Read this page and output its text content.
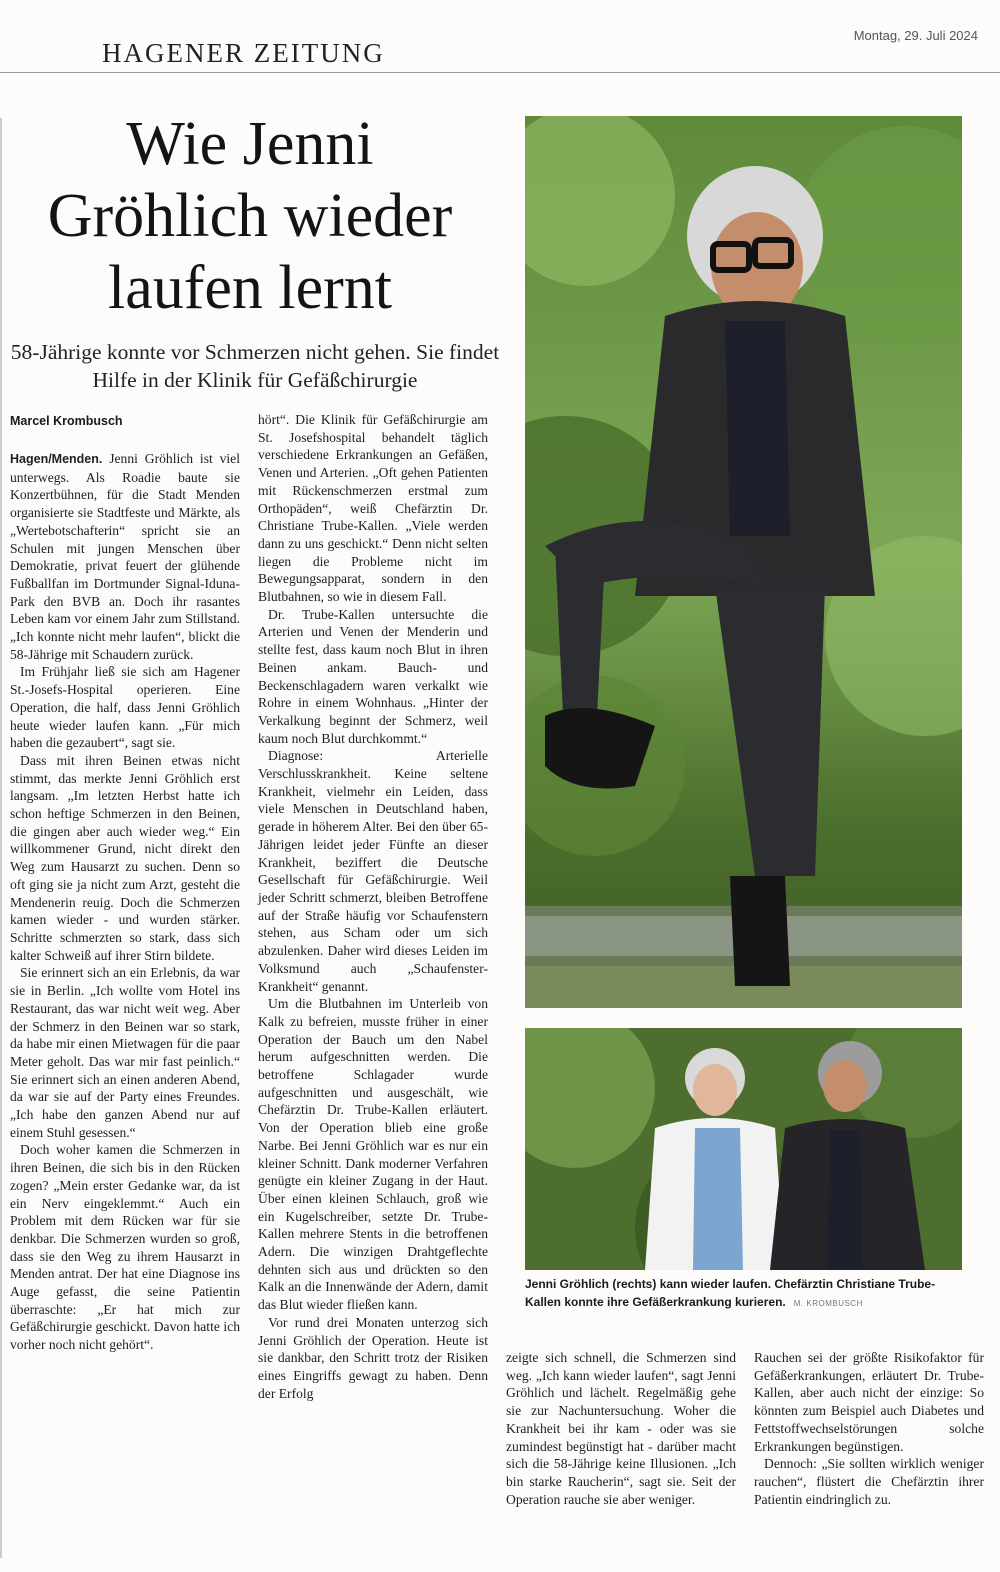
HAGENER ZEITUNG
Montag, 29. Juli 2024
Wie Jenni Gröhlich wieder laufen lernt
58-Jährige konnte vor Schmerzen nicht gehen. Sie findet Hilfe in der Klinik für Gefäßchirurgie
Marcel Krombusch

Hagen/Menden. Jenni Gröhlich ist viel unterwegs. Als Roadie baute sie Konzertbühnen, für die Stadt Menden organisierte sie Stadtfeste und Märkte, als „Wertebotschafterin“ spricht sie an Schulen mit jungen Menschen über Demokratie, privat feuert der glühende Fußballfan im Dortmunder Signal-Iduna-Park den BVB an. Doch ihr rasantes Leben kam vor einem Jahr zum Stillstand. „Ich konnte nicht mehr laufen“, blickt die 58-Jährige mit Schaudern zurück.

Im Frühjahr ließ sie sich am Hagener St.-Josefs-Hospital operieren. Eine Operation, die half, dass Jenni Gröhlich heute wieder laufen kann. „Für mich haben die gezaubert“, sagt sie.

Dass mit ihren Beinen etwas nicht stimmt, das merkte Jenni Gröhlich erst langsam. „Im letzten Herbst hatte ich schon heftige Schmerzen in den Beinen, die gingen aber auch wieder weg.“ Ein willkommener Grund, nicht direkt den Weg zum Hausarzt zu suchen. Denn so oft ging sie ja nicht zum Arzt, gesteht die Mendenerin reuig. Doch die Schmerzen kamen wieder - und wurden stärker. Schritte schmerzten so stark, dass sich kalter Schweiß auf ihrer Stirn bildete.

Sie erinnert sich an ein Erlebnis, da war sie in Berlin. „Ich wollte vom Hotel ins Restaurant, das war nicht weit weg. Aber der Schmerz in den Beinen war so stark, da habe mir einen Mietwagen für die paar Meter geholt. Das war mir fast peinlich.“ Sie erinnert sich an einen anderen Abend, da war sie auf der Party eines Freundes. „Ich habe den ganzen Abend nur auf einem Stuhl gesessen.“

Doch woher kamen die Schmerzen in ihren Beinen, die sich bis in den Rücken zogen? „Mein erster Gedanke war, da ist ein Nerv eingeklemmt.“ Auch ein Problem mit dem Rücken war für sie denkbar. Die Schmerzen wurden so groß, dass sie den Weg zu ihrem Hausarzt in Menden antrat. Der hat eine Diagnose ins Auge gefasst, die seine Patientin überraschte: „Er hat mich zur Gefäßchirurgie geschickt. Davon hatte ich vorher noch nicht gehört“.

hört“. Die Klinik für Gefäßchirurgie am St. Josefshospital behandelt täglich verschiedene Erkrankungen an Gefäßen, Venen und Arterien. „Oft gehen Patienten mit Rückenschmerzen erstmal zum Orthopäden“, weiß Chefärztin Dr. Christiane Trube-Kallen. „Viele werden dann zu uns geschickt.“ Denn nicht selten liegen die Probleme nicht im Bewegungsapparat, sondern in den Blutbahnen, so wie in diesem Fall.

Dr. Trube-Kallen untersuchte die Arterien und Venen der Menderin und stellte fest, dass kaum noch Blut in ihren Beinen ankam. Bauch- und Beckenschlagadern waren verkalkt wie Rohre in einem Wohnhaus. „Hinter der Verkalkung beginnt der Schmerz, weil kaum noch Blut durchkommt.“

Diagnose: Arterielle Verschlusskrankheit. Keine seltene Krankheit, vielmehr ein Leiden, dass viele Menschen in Deutschland haben, gerade in höherem Alter. Bei den über 65-Jährigen leidet jeder Fünfte an dieser Krankheit, beziffert die Deutsche Gesellschaft für Gefäßchirurgie. Weil jeder Schritt schmerzt, bleiben Betroffene auf der Straße häufig vor Schaufenstern stehen, aus Scham oder um sich abzulenken. Daher wird dieses Leiden im Volksmund auch „Schaufenster-Krankheit“ genannt.

Um die Blutbahnen im Unterleib von Kalk zu befreien, musste früher in einer Operation der Bauch um den Nabel herum aufgeschnitten werden. Die betroffene Schlagader wurde aufgeschnitten und ausgeschält, wie Chefärztin Dr. Trube-Kallen erläutert. Von der Operation blieb eine große Narbe. Bei Jenni Gröhlich war es nur ein kleiner Schnitt. Dank moderner Verfahren genügte ein kleiner Zugang in der Haut. Über einen kleinen Schlauch, groß wie ein Kugelschreiber, setzte Dr. Trube-Kallen mehrere Stents in die betroffenen Adern. Die winzigen Drahtgeflechte dehnten sich aus und drückten so den Kalk an die Innenwände der Adern, damit das Blut wieder fließen kann.

Vor rund drei Monaten unterzog sich Jenni Gröhlich der Operation. Heute ist sie dankbar, den Schritt trotz der Risiken eines Eingriffs gewagt zu haben. Denn der Erfolg

zeigte sich schnell, die Schmerzen sind weg. „Ich kann wieder laufen“, sagt Jenni Gröhlich und lächelt. Regelmäßig gehe sie zur Nachuntersuchung. Woher die Krankheit bei ihr kam - oder was sie zumindest begünstigt hat - darüber macht sich die 58-Jährige keine Illusionen. „Ich bin starke Raucherin“, sagt sie. Seit der Operation rauche sie aber weniger.

Rauchen sei der größte Risikofaktor für Gefäßerkrankungen, erläutert Dr. Trube-Kallen, aber auch nicht der einzige: So könnten zum Beispiel auch Diabetes und Fettstoffwechselstörungen solche Erkrankungen begünstigen.

Dennoch: „Sie sollten wirklich weniger rauchen“, flüstert die Chefärztin ihrer Patientin eindringlich zu.

Jenni Gröhlich (rechts) kann wieder laufen. Chefärztin Christiane Trube-Kallen konnte ihre Gefäßerkrankung kurieren. M. KROMBUSCH
